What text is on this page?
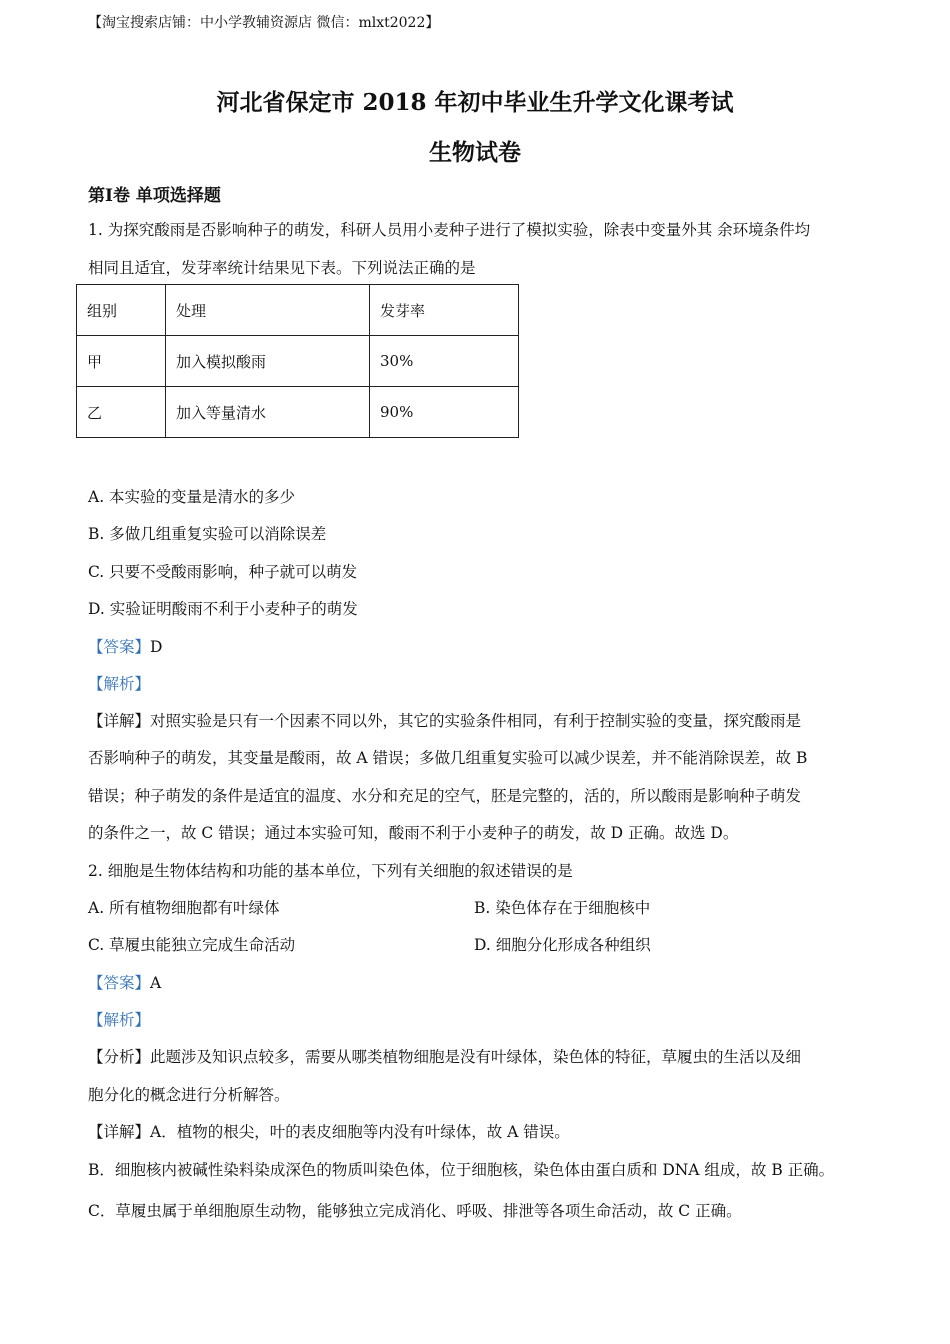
【淘宝搜索店铺：中小学教辅资源店 微信：mlxt2022】
河北省保定市 2018 年初中毕业生升学文化课考试
生物试卷
第Ⅰ卷 单项选择题
1. 为探究酸雨是否影响种子的萌发，科研人员用小麦种子进行了模拟实验，除表中变量外其 余环境条件均
相同且适宜，发芽率统计结果见下表。下列说法正确的是
组别	处理	发芽率
甲	加入模拟酸雨	30%
乙	加入等量清水	90%
A. 本实验的变量是清水的多少
B. 多做几组重复实验可以消除误差
C. 只要不受酸雨影响，种子就可以萌发
D. 实验证明酸雨不利于小麦种子的萌发
【答案】D
【解析】
【详解】对照实验是只有一个因素不同以外，其它的实验条件相同，有利于控制实验的变量，探究酸雨是
否影响种子的萌发，其变量是酸雨，故 A 错误；多做几组重复实验可以减少误差，并不能消除误差，故 B
错误；种子萌发的条件是适宜的温度、水分和充足的空气，胚是完整的，活的，所以酸雨是影响种子萌发
的条件之一，故 C 错误；通过本实验可知，酸雨不利于小麦种子的萌发，故 D 正确。故选 D。
2. 细胞是生物体结构和功能的基本单位，下列有关细胞的叙述错误的是
A. 所有植物细胞都有叶绿体	B. 染色体存在于细胞核中
C. 草履虫能独立完成生命活动	D. 细胞分化形成各种组织
【答案】A
【解析】
【分析】此题涉及知识点较多，需要从哪类植物细胞是没有叶绿体，染色体的特征，草履虫的生活以及细
胞分化的概念进行分析解答。
【详解】A．植物的根尖，叶的表皮细胞等内没有叶绿体，故 A 错误。
B．细胞核内被碱性染料染成深色的物质叫染色体，位于细胞核，染色体由蛋白质和 DNA 组成，故 B 正确。
C．草履虫属于单细胞原生动物，能够独立完成消化、呼吸、排泄等各项生命活动，故 C 正确。
